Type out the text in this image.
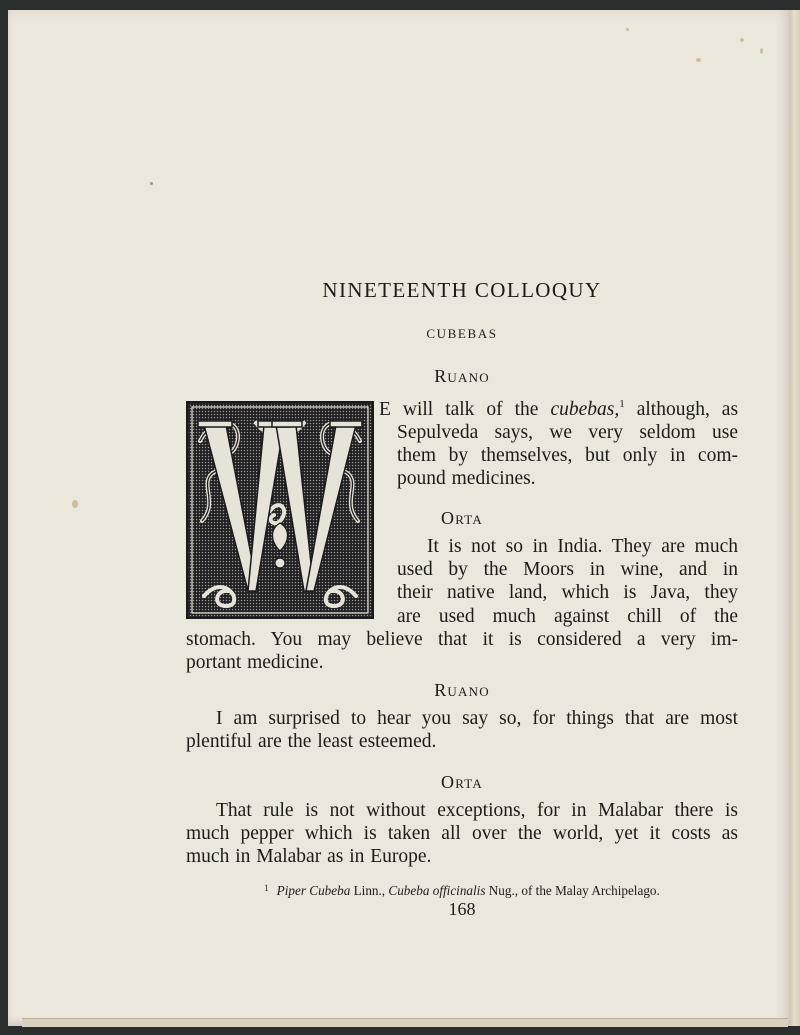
NINETEENTH COLLOQUY
CUBEBAS
Ruano
E will talk of the cubebas,$^1$ although, as
Sepulveda says, we very seldom use
them by themselves, but only in com-
pound medicines.
Orta
It is not so in India. They are much
used by the Moors in wine, and in
their native land, which is Java, they
are used much against chill of the
stomach. You may believe that it is considered a very im-
portant medicine.
Ruano
I am surprised to hear you say so, for things that are most
plentiful are the least esteemed.
Orta
That rule is not without exceptions, for in Malabar there is
much pepper which is taken all over the world, yet it costs as
much in Malabar as in Europe.
$^1$ Piper Cubeba Linn., Cubeba officinalis Nug., of the Malay Archipelago.
168
